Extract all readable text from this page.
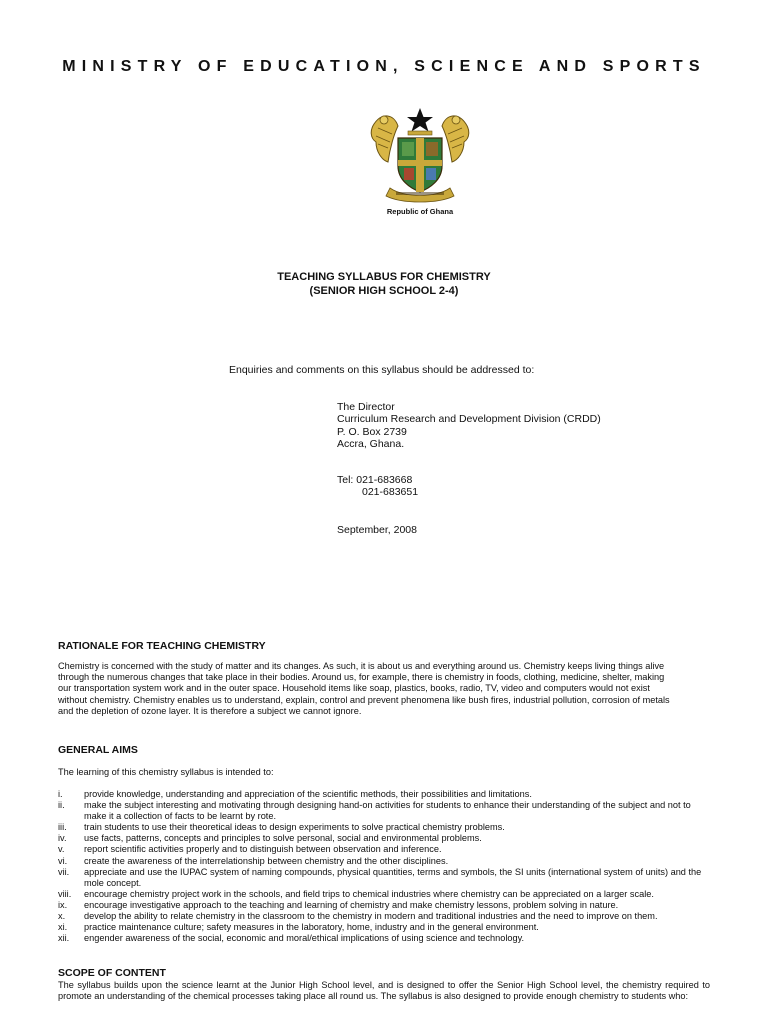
MINISTRY OF EDUCATION, SCIENCE AND SPORTS
Republic of Ghana
TEACHING SYLLABUS FOR CHEMISTRY
(SENIOR HIGH SCHOOL 2-4)
Enquiries and comments on this syllabus should be addressed to:
The Director
Curriculum Research and Development Division (CRDD)
P. O. Box 2739
Accra, Ghana.
Tel: 021-683668
021-683651
September, 2008
RATIONALE FOR TEACHING CHEMISTRY
Chemistry is concerned with the study of matter and its changes. As such, it is about us and everything around us. Chemistry keeps living things alive
through the numerous changes that take place in their bodies. Around us, for example, there is chemistry in foods, clothing, medicine, shelter, making
our transportation system work and in the outer space. Household items like soap, plastics, books, radio, TV, video and computers would not exist
without chemistry. Chemistry enables us to understand, explain, control and prevent phenomena like bush fires, industrial pollution, corrosion of metals
and the depletion of ozone layer. It is therefore a subject we cannot ignore.
GENERAL AIMS
The learning of this chemistry syllabus is intended to:
i.	provide knowledge, understanding and appreciation of the scientific methods, their possibilities and limitations.
ii.	make the subject interesting and motivating through designing hand-on activities for students to enhance their understanding of the subject and not to make it a collection of facts to be learnt by rote.
iii.	train students to use their theoretical ideas to design experiments to solve practical chemistry problems.
iv.	use facts, patterns, concepts and principles to solve personal, social and environmental problems.
v.	report scientific activities properly and to distinguish between observation and inference.
vi.	create the awareness of the interrelationship between chemistry and the other disciplines.
vii.	appreciate and use the IUPAC system of naming compounds, physical quantities, terms and symbols, the SI units (international system of units) and the mole concept.
viii.	encourage chemistry project work in the schools, and field trips to chemical industries where chemistry can be appreciated on a larger scale.
ix.	encourage investigative approach to the teaching and learning of chemistry and make chemistry lessons, problem solving in nature.
x.	develop the ability to relate chemistry in the classroom to the chemistry in modern and traditional industries and the need to improve on them.
xi.	practice maintenance culture; safety measures in the laboratory, home, industry and in the general environment.
xii.	engender awareness of the social, economic and moral/ethical implications of using science and technology.
SCOPE OF CONTENT
The syllabus builds upon the science learnt at the Junior High School level, and is designed to offer the Senior High School level, the chemistry required to promote an understanding of the chemical processes taking place all round us. The syllabus is also designed to provide enough chemistry to students who:
